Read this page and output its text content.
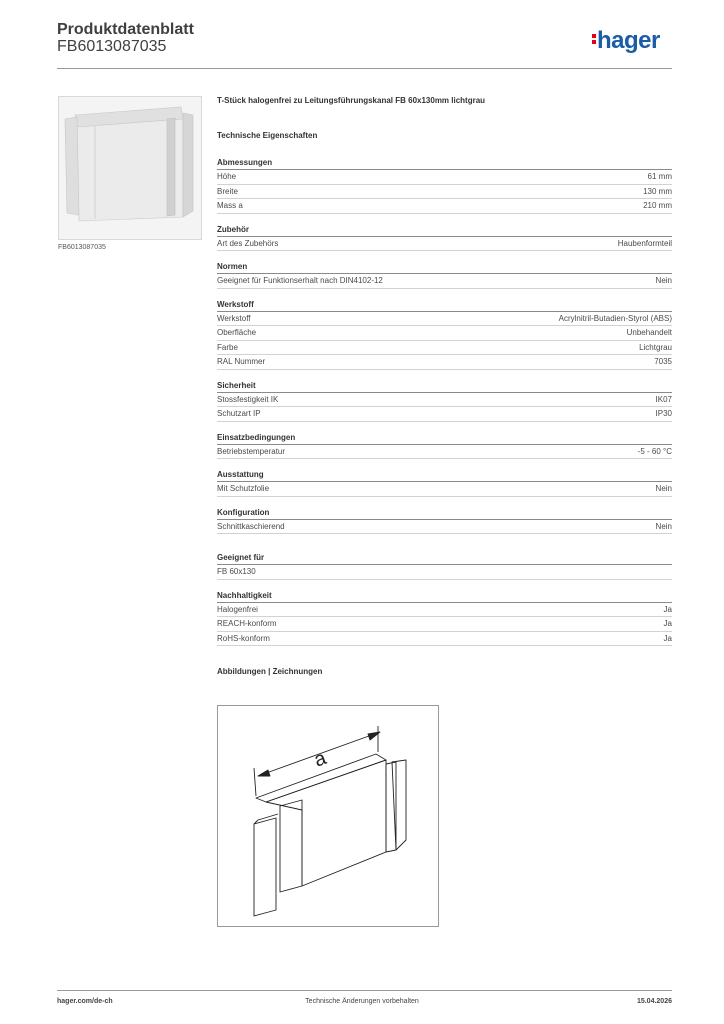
Produktdatenblatt
FB6013087035	hager
FB6013087035
T-Stück halogenfrei zu Leitungsführungskanal FB 60x130mm lichtgrau
Technische Eigenschaften
Abmessungen
Höhe	61 mm
Breite	130 mm
Mass a	210 mm
Zubehör
Art des Zubehörs	Haubenformteil
Normen
Geeignet für Funktionserhalt nach DIN4102-12	Nein
Werkstoff
Werkstoff	Acrylnitril-Butadien-Styrol (ABS)
Oberfläche	Unbehandelt
Farbe	Lichtgrau
RAL Nummer	7035
Sicherheit
Stossfestigkeit IK	IK07
Schutzart IP	IP30
Einsatzbedingungen
Betriebstemperatur	-5 - 60 °C
Ausstattung
Mit Schutzfolie	Nein
Konfiguration
Schnittkaschierend	Nein
Geeignet für
FB 60x130
Nachhaltigkeit
Halogenfrei	Ja
REACH-konform	Ja
RoHS-konform	Ja
Abbildungen | Zeichnungen
a
hager.com/de-ch	Technische Änderungen vorbehalten	15.04.2026
